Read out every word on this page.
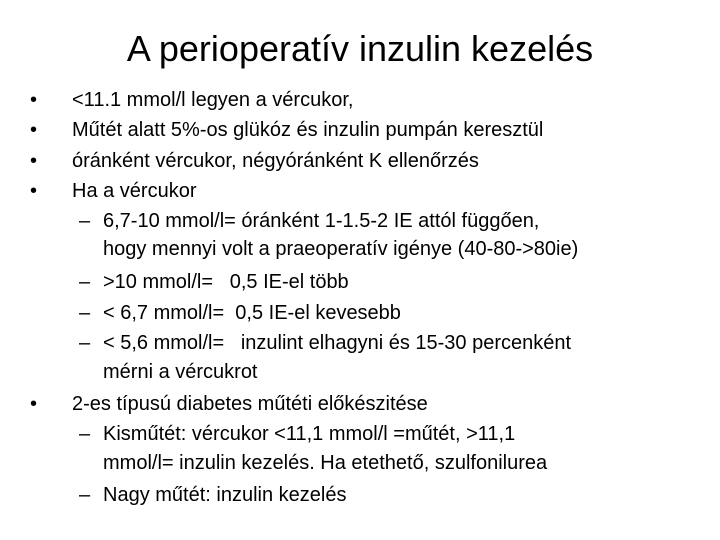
A perioperatív inzulin kezelés
• <11.1 mmol/l legyen a vércukor,
• Műtét alatt 5%-os glükóz és inzulin pumpán keresztül
• óránként vércukor, négyóránként K ellenőrzés
• Ha a vércukor
– 6,7-10 mmol/l= óránként 1-1.5-2 IE attól függően,
hogy mennyi volt a praeoperatív igénye (40-80->80ie)
– >10 mmol/l=   0,5 IE-el több
– < 6,7 mmol/l=  0,5 IE-el kevesebb
– < 5,6 mmol/l=   inzulint elhagyni és 15-30 percenként
mérni a vércukrot
• 2-es típusú diabetes műtéti előkészitése
– Kisműtét: vércukor <11,1 mmol/l =műtét, >11,1
mmol/l= inzulin kezelés. Ha etethető, szulfonilurea
– Nagy műtét: inzulin kezelés
